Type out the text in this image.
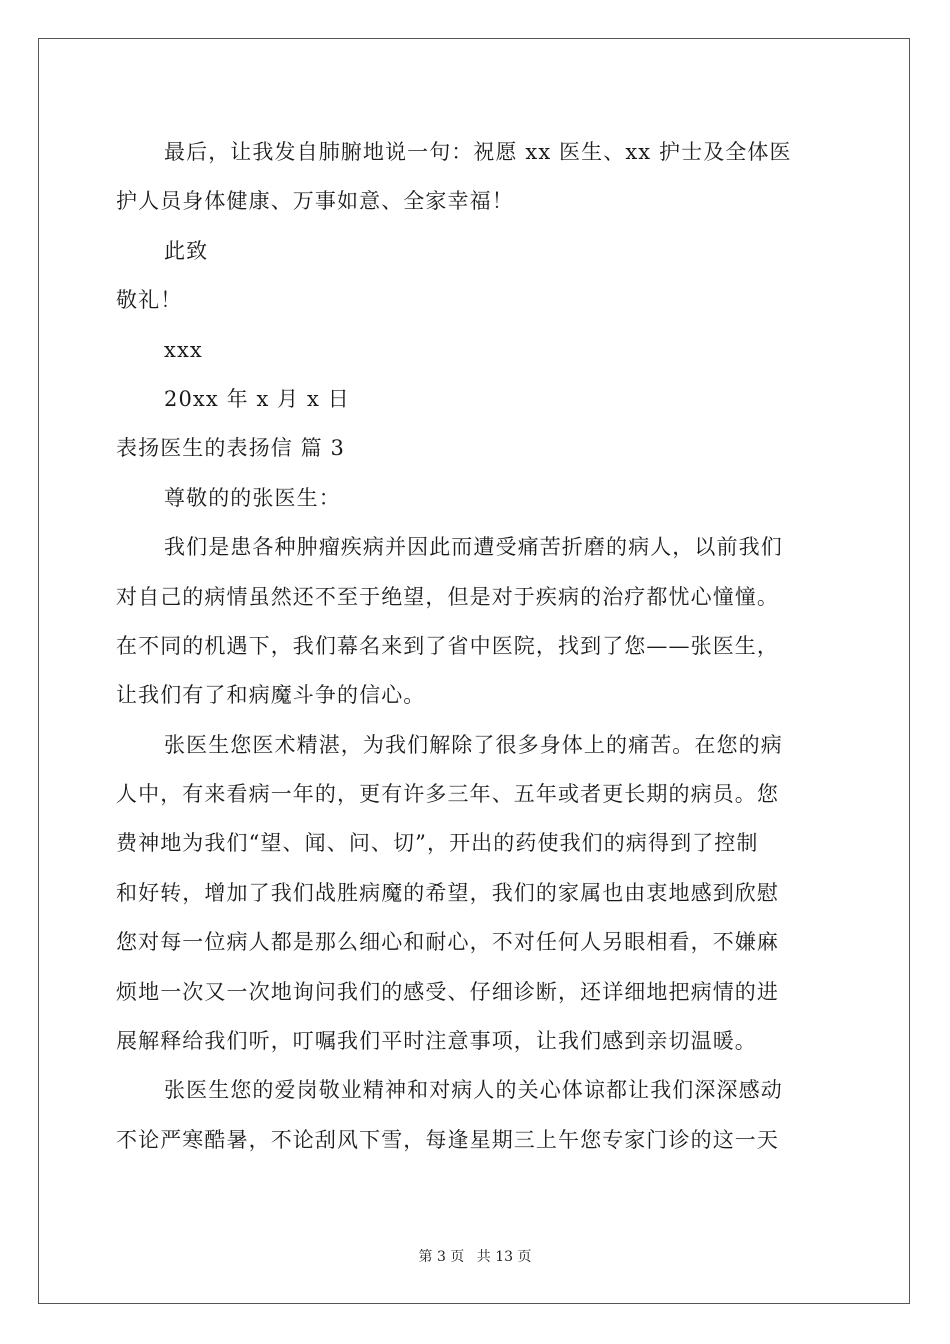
最后，让我发自肺腑地说一句：祝愿 xx 医生、xx 护士及全体医
护人员身体健康、万事如意、全家幸福！
此致
敬礼！
xxx
20xx 年 x 月 x 日
表扬医生的表扬信 篇 3
尊敬的的张医生：
我们是患各种肿瘤疾病并因此而遭受痛苦折磨的病人，以前我们
对自己的病情虽然还不至于绝望，但是对于疾病的治疗都忧心憧憧。
在不同的机遇下，我们幕名来到了省中医院，找到了您——张医生，
让我们有了和病魔斗争的信心。
张医生您医术精湛，为我们解除了很多身体上的痛苦。在您的病
人中，有来看病一年的，更有许多三年、五年或者更长期的病员。您
费神地为我们“望、闻、问、切”，开出的药使我们的病得到了控制
和好转，增加了我们战胜病魔的希望，我们的家属也由衷地感到欣慰
您对每一位病人都是那么细心和耐心，不对任何人另眼相看，不嫌麻
烦地一次又一次地询问我们的感受、仔细诊断，还详细地把病情的进
展解释给我们听，叮嘱我们平时注意事项，让我们感到亲切温暖。
张医生您的爱岗敬业精神和对病人的关心体谅都让我们深深感动
不论严寒酷暑，不论刮风下雪，每逢星期三上午您专家门诊的这一天
第 3 页 共 13 页
